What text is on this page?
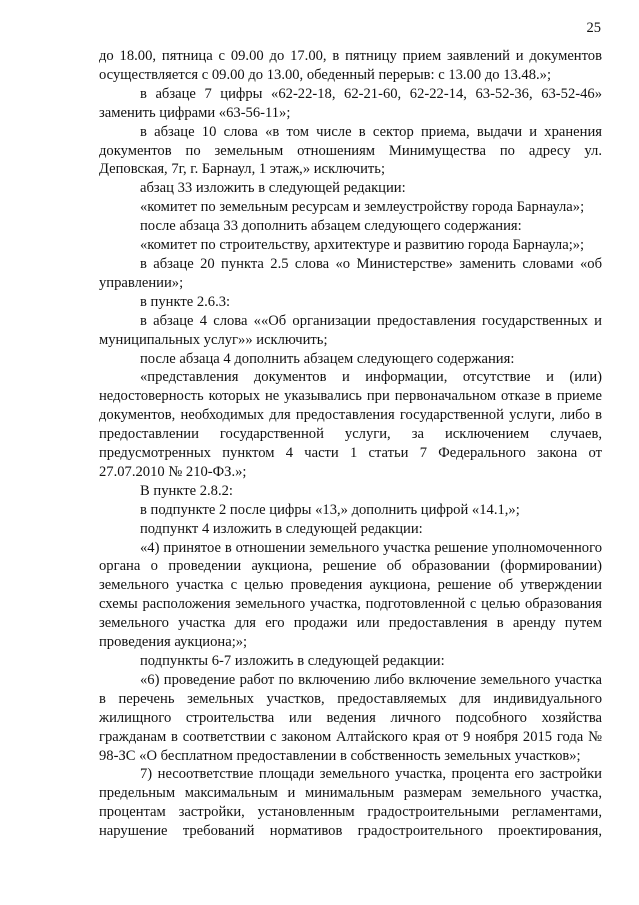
25

до 18.00, пятница с 09.00 до 17.00, в пятницу прием заявлений и документов осуществляется с 09.00 до 13.00, обеденный перерыв: с 13.00 до 13.48.»;

в абзаце 7 цифры «62-22-18, 62-21-60, 62-22-14, 63-52-36, 63-52-46» заменить цифрами «63-56-11»;

в абзаце 10 слова «в том числе в сектор приема, выдачи и хранения документов по земельным отношениям Минимущества по адресу ул. Деповская, 7г, г. Барнаул, 1 этаж,» исключить;

абзац 33 изложить в следующей редакции:

«комитет по земельным ресурсам и землеустройству города Барнаула»;

после абзаца 33 дополнить абзацем следующего содержания:

«комитет по строительству, архитектуре и развитию города Барнаула;»;

в абзаце 20 пункта 2.5 слова «о Министерстве» заменить словами «об управлении»;

в пункте 2.6.3:

в абзаце 4 слова ««Об организации предоставления государственных и муниципальных услуг»» исключить;

после абзаца 4 дополнить абзацем следующего содержания:

«представления документов и информации, отсутствие и (или) недостоверность которых не указывались при первоначальном отказе в приеме документов, необходимых для предоставления государственной услуги, либо в предоставлении государственной услуги, за исключением случаев, предусмотренных пунктом 4 части 1 статьи 7 Федерального закона от 27.07.2010 № 210-ФЗ.»;

В пункте 2.8.2:

в подпункте 2 после цифры «13,» дополнить цифрой «14.1,»;

подпункт 4 изложить в следующей редакции:

«4) принятое в отношении земельного участка решение уполномоченного органа о проведении аукциона, решение об образовании (формировании) земельного участка с целью проведения аукциона, решение об утверждении схемы расположения земельного участка, подготовленной с целью образования земельного участка для его продажи или предоставления в аренду путем проведения аукциона;»;

подпункты 6-7 изложить в следующей редакции:

«6) проведение работ по включению либо включение земельного участка в перечень земельных участков, предоставляемых для индивидуального жилищного строительства или ведения личного подсобного хозяйства гражданам в соответствии с законом Алтайского края от 9 ноября 2015 года № 98-ЗС «О бесплатном предоставлении в собственность земельных участков»;

7) несоответствие площади земельного участка, процента его застройки предельным максимальным и минимальным размерам земельного участка, процентам застройки, установленным градостроительными регламентами, нарушение требований нормативов градостроительного проектирования,
